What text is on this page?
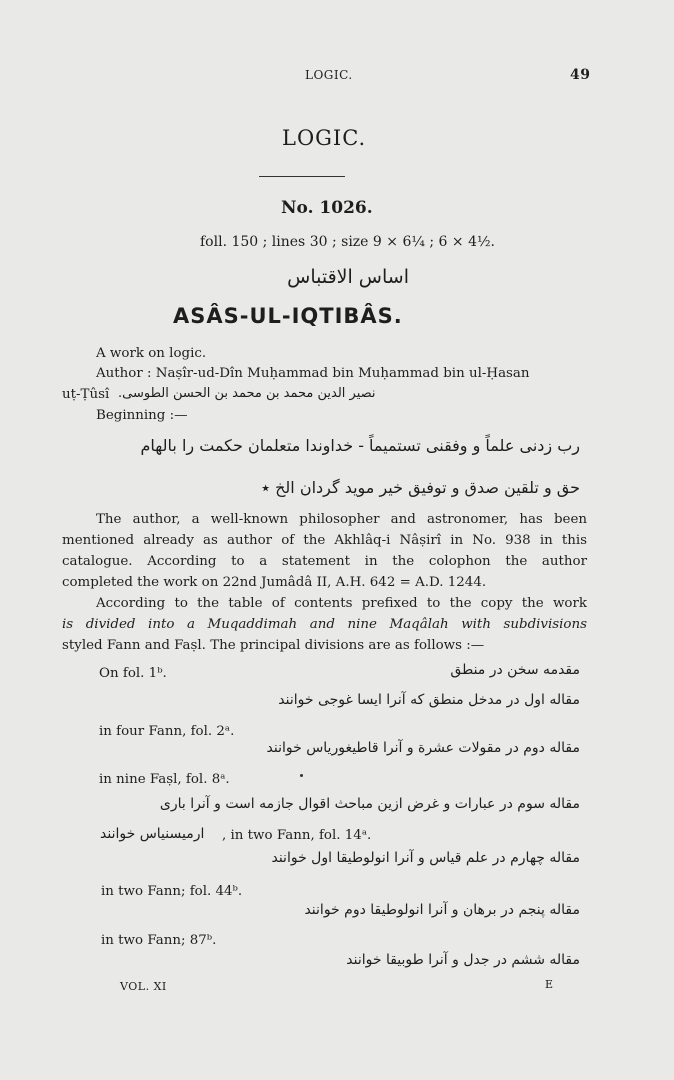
LOGIC.	49
LOGIC.
No. 1026.
foll. 150 ; lines 30 ; size 9 × 6¼ ; 6 × 4½.
اساس الاقتباس
ASÂS-UL-IQTIBÂS.
A work on logic.
Author : Naṣîr-ud-Dîn Muḥammad bin Muḥammad bin ul-Ḥasan
uṭ-Ṭûsî نصیر الدین محمد بن محمد بن الحسن الطوسی.
Beginning :—
رب زدنی علماً و وفقنی تستمیماً - خداوندا متعلمان حکمت را بالهام
حق و تلقین صدق و توفیق خیر موید گردان الخ ٭
The author, a well-known philosopher and astronomer, has been
mentioned already as author of the Akhlâq-i Nâṣirî in No. 938 in this
catalogue. According to a statement in the colophon the author
completed the work on 22nd Jumâdâ II, A.H. 642 = A.D. 1244.
According to the table of contents prefixed to the copy the work
is divided into a Muqaddimah and nine Maqâlah with subdivisions
styled Fann and Faṣl. The principal divisions are as follows :—
On fol. 1ᵇ.	مقدمه سخن در منطق
مقاله اول در مدخل منطق که آنرا ایسا غوجی خوانند
in four Fann, fol. 2ᵃ.
مقاله دوم در مقولات عشرة و آنرا قاطیغوریاس خوانند
in nine Faṣl, fol. 8ᵃ.
مقاله سوم در عبارات و غرض ازین مباحث اقوال جازمه است و آنرا باری
ارمیسنیاس خوانند , in two Fann, fol. 14ᵃ.
مقاله چهارم در علم قیاس و آنرا انولوطیقا اول خوانند
in two Fann; fol. 44ᵇ.
مقاله پنجم در برهان و آنرا انولوطیقا دوم خوانند
in two Fann; 87ᵇ.
مقاله ششم در جدل و آنرا طوبیقا خوانند
VOL. XI	E
